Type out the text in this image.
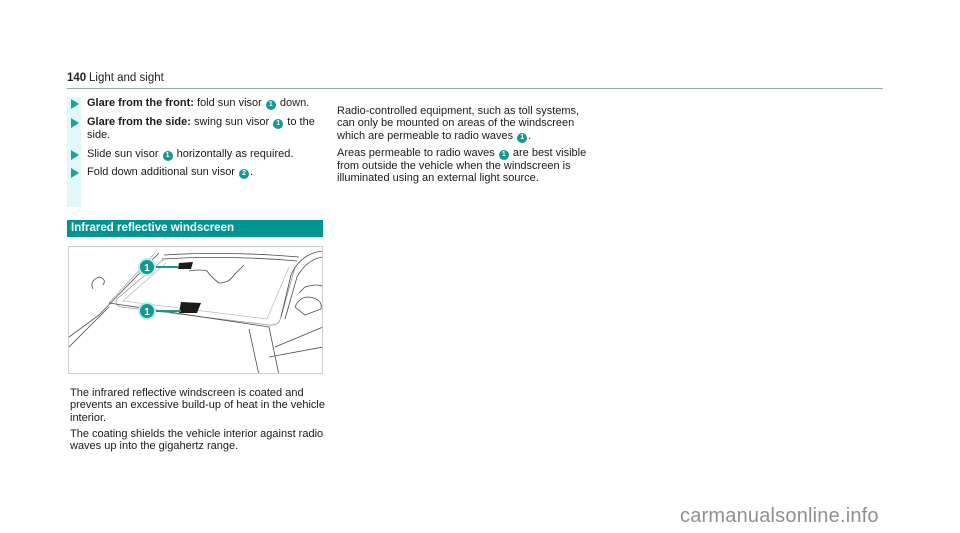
140 Light and sight
Glare from the front: fold sun visor 1 down.
Glare from the side: swing sun visor 1 to the side.
Slide sun visor 1 horizontally as required.
Fold down additional sun visor 2 .
Infrared reflective windscreen
1
1

The infrared reflective windscreen is coated and prevents an excessive build-up of heat in the vehicle interior.

The coating shields the vehicle interior against radio waves up into the gigahertz range.

Radio-controlled equipment, such as toll systems, can only be mounted on areas of the windscreen which are permeable to radio waves 1 .

Areas permeable to radio waves 1 are best visible from outside the vehicle when the windscreen is illuminated using an external light source.

carmanualsonline.info
